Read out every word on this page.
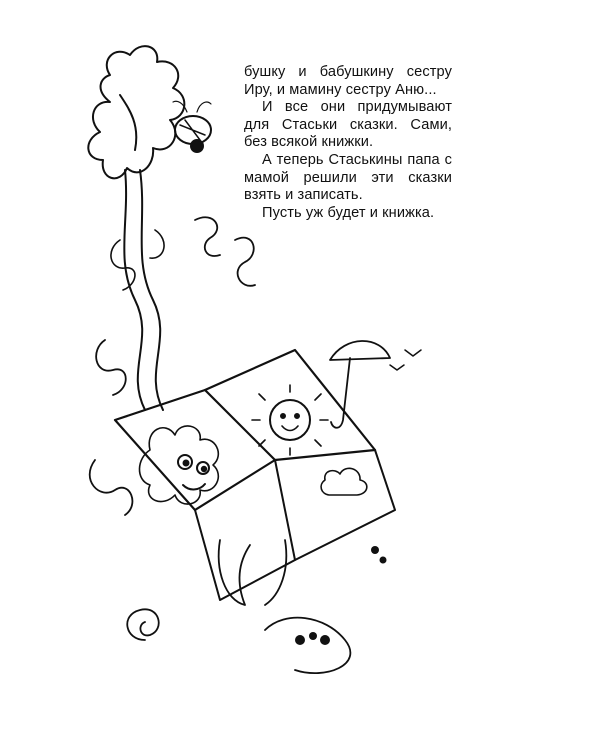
бушку и бабушкину сестру Иру, и мамину сестру Аню...

И все они придумывают для Стаськи сказки. Сами, без всякой книжки.

А теперь Стаськины папа с мамой решили эти сказки взять и записать.

Пусть уж будет и книжка.
